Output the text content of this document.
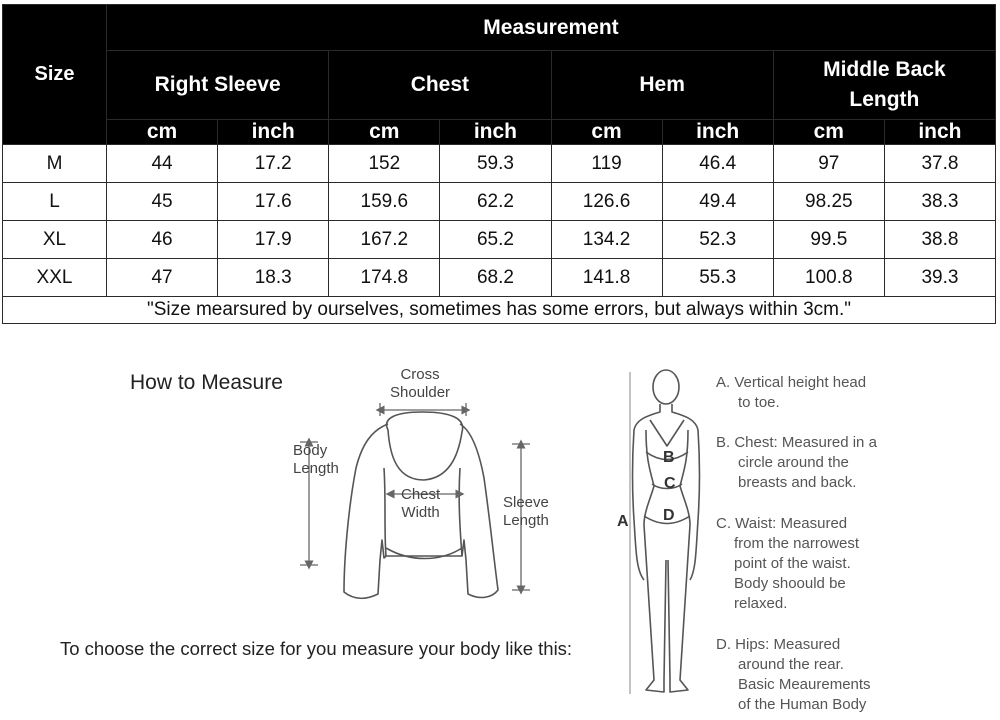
Size	Measurement							
	Right Sleeve		Chest		Hem		Middle Back Length	
	cm	inch	cm	inch	cm	inch	cm	inch
M	44	17.2	152	59.3	119	46.4	97	37.8
L	45	17.6	159.6	62.2	126.6	49.4	98.25	38.3
XL	46	17.9	167.2	65.2	134.2	52.3	99.5	38.8
XXL	47	18.3	174.8	68.2	141.8	55.3	100.8	39.3
"Size mearsured by ourselves, sometimes has some errors, but always within 3cm."								
How to Measure
To choose the correct size for you measure your body like this:
Cross
Shoulder
Body
Length
Chest
Width
Sleeve
Length	A
B
C
D
A. Vertical height head
to toe.
B. Chest: Measured in a
circle around the
breasts and back.
C. Waist: Measured
from the narrowest
point of the waist.
Body shoould be
relaxed.
D. Hips: Measured
around the rear.
Basic Meaurements
of the Human Body
